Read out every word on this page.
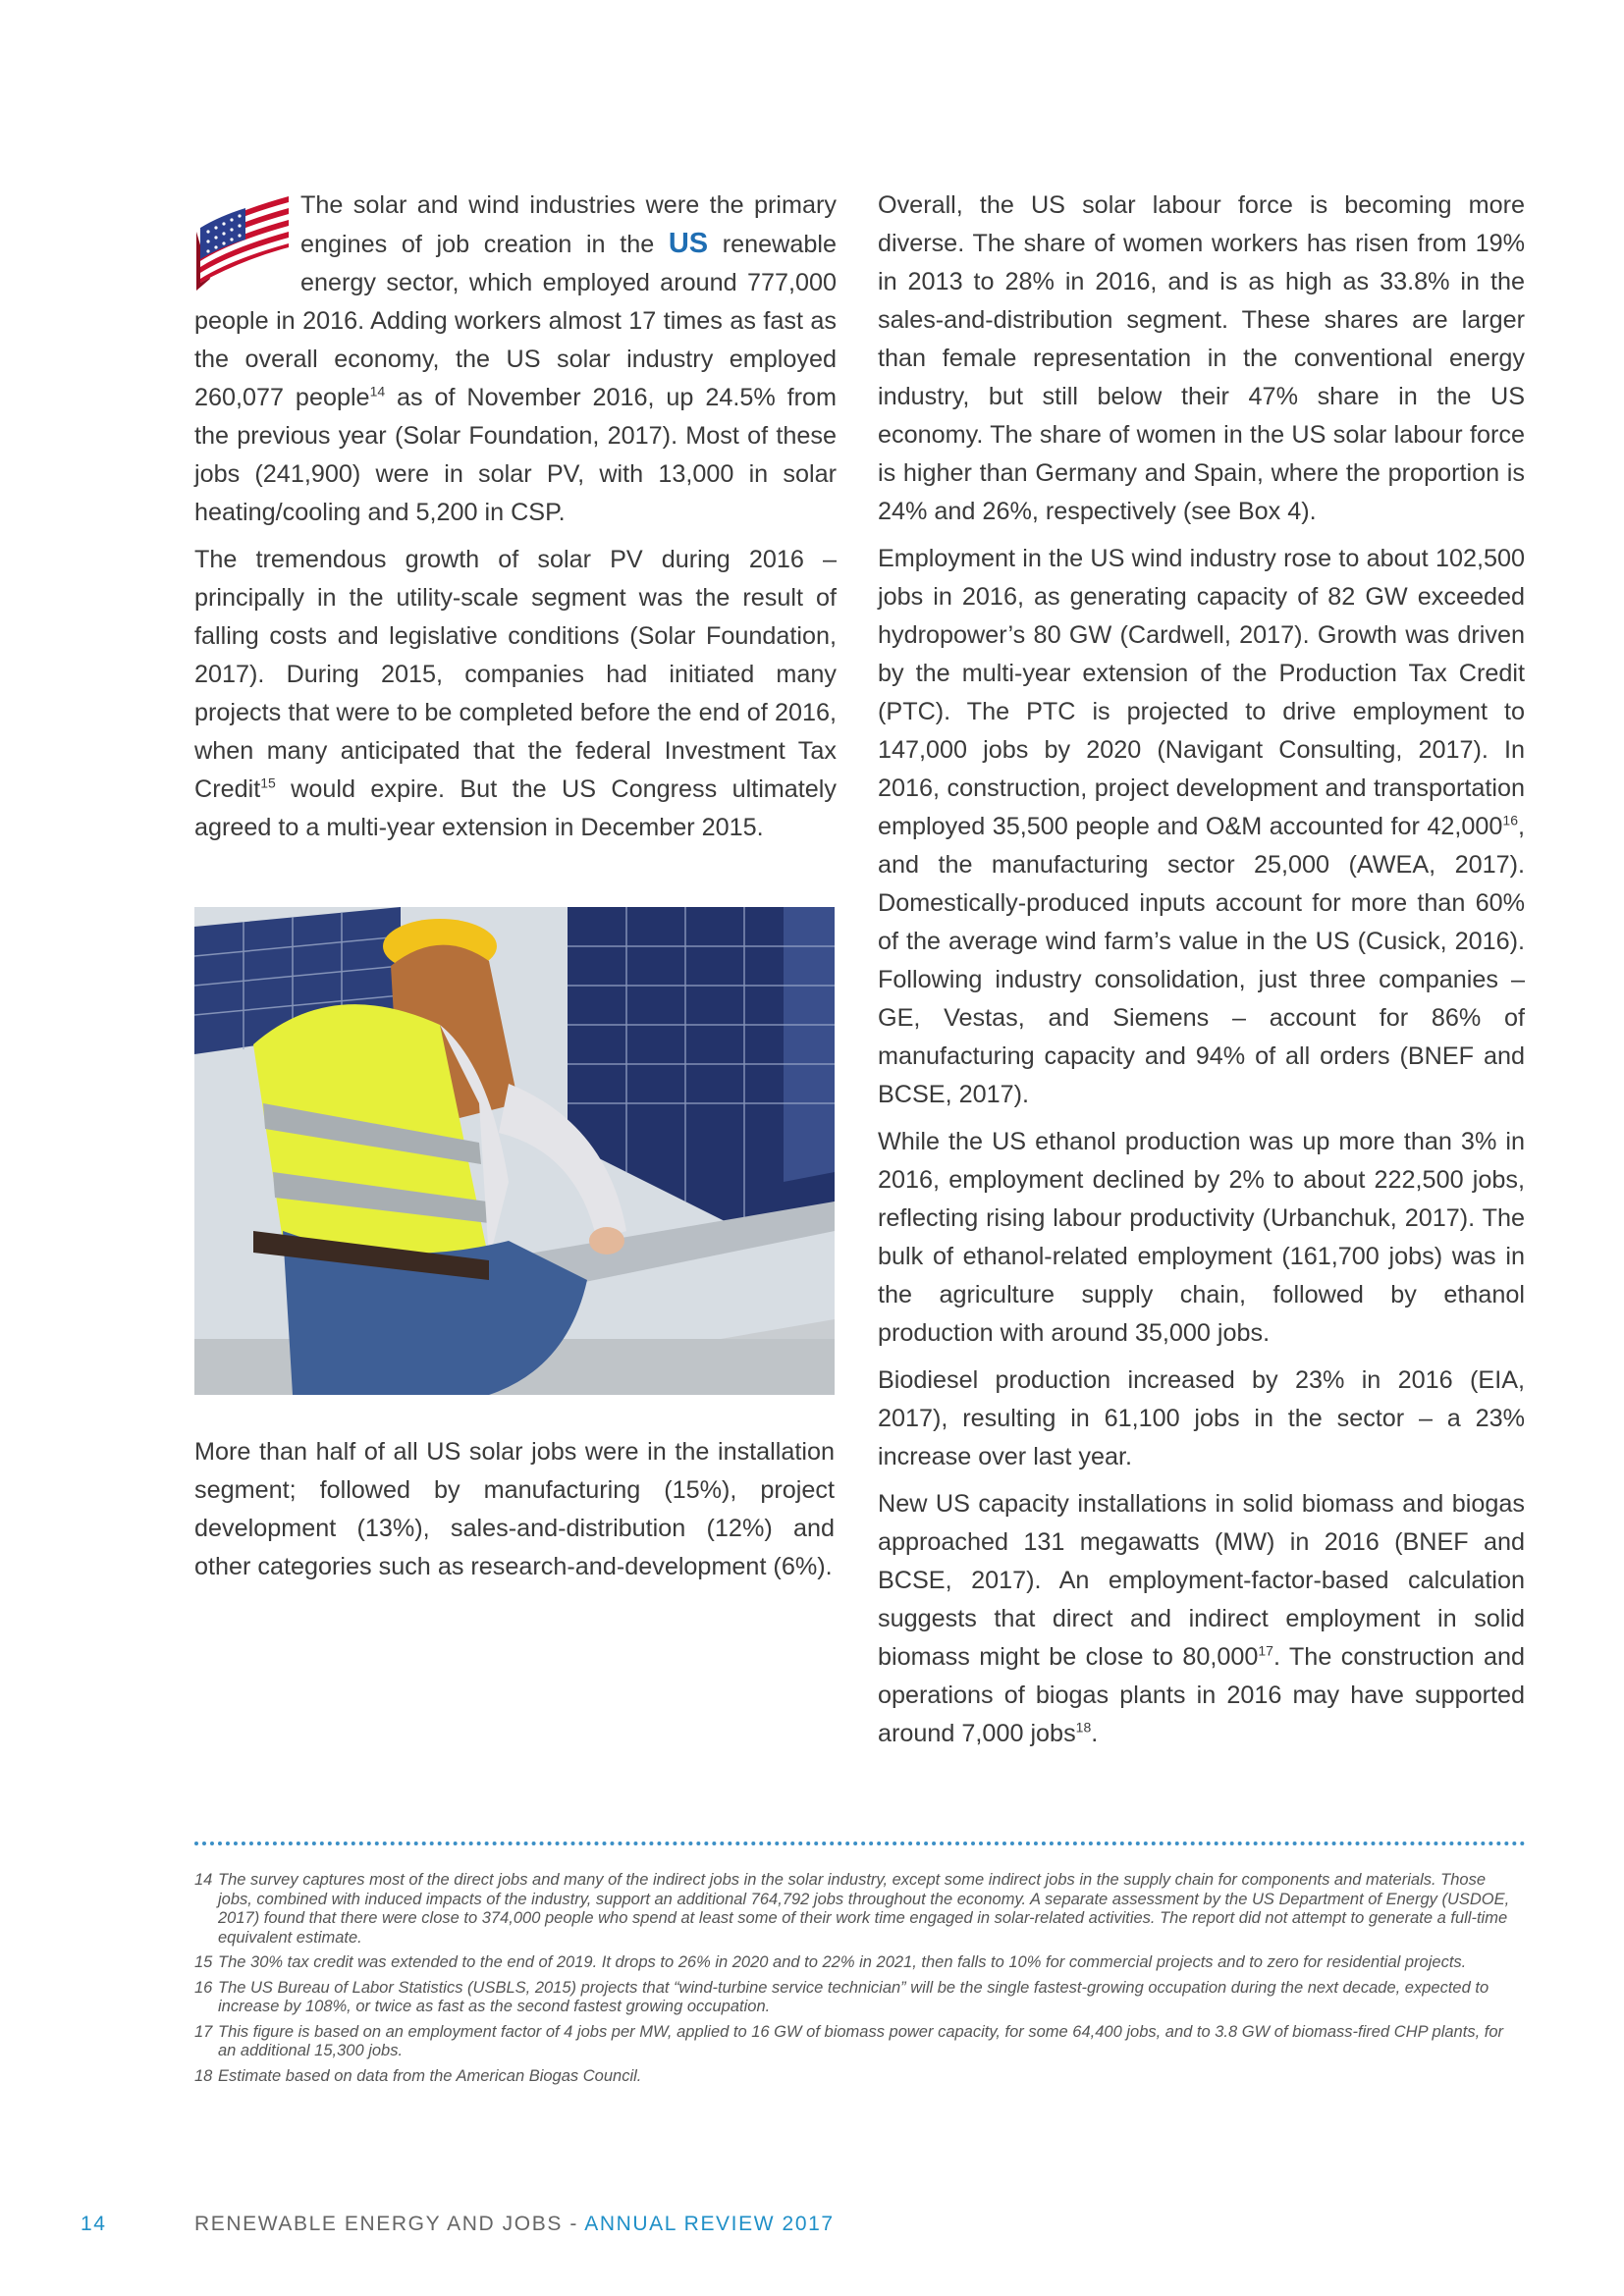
The solar and wind industries were the primary engines of job creation in the US renewable energy sector, which employed around 777,000 people in 2016. Adding workers almost 17 times as fast as the overall economy, the US solar industry employed 260,077 people$^{14}$ as of November 2016, up 24.5% from the previous year (Solar Foundation, 2017). Most of these jobs (241,900) were in solar PV, with 13,000 in solar heating/cooling and 5,200 in CSP.

The tremendous growth of solar PV during 2016 – principally in the utility-scale segment was the result of falling costs and legislative conditions (Solar Foundation, 2017). During 2015, companies had initiated many projects that were to be completed before the end of 2016, when many anticipated that the federal Investment Tax Credit$^{15}$ would expire. But the US Congress ultimately agreed to a multi-year extension in December 2015.

More than half of all US solar jobs were in the installation segment; followed by manufacturing (15%), project development (13%), sales-and-distribution (12%) and other categories such as research-and-development (6%).

Overall, the US solar labour force is becoming more diverse. The share of women workers has risen from 19% in 2013 to 28% in 2016, and is as high as 33.8% in the sales-and-distribution segment. These shares are larger than female representation in the conventional energy industry, but still below their 47% share in the US economy. The share of women in the US solar labour force is higher than Germany and Spain, where the proportion is 24% and 26%, respectively (see Box 4).

Employment in the US wind industry rose to about 102,500 jobs in 2016, as generating capacity of 82 GW exceeded hydropower’s 80 GW (Cardwell, 2017). Growth was driven by the multi-year extension of the Production Tax Credit (PTC). The PTC is projected to drive employment to 147,000 jobs by 2020 (Navigant Consulting, 2017). In 2016, construction, project development and transportation employed 35,500 people and O&M accounted for 42,000$^{16}$, and the manufacturing sector 25,000 (AWEA, 2017). Domestically-produced inputs account for more than 60% of the average wind farm’s value in the US (Cusick, 2016). Following industry consolidation, just three companies – GE, Vestas, and Siemens – account for 86% of manufacturing capacity and 94% of all orders (BNEF and BCSE, 2017).

While the US ethanol production was up more than 3% in 2016, employment declined by 2% to about 222,500 jobs, reflecting rising labour productivity (Urbanchuk, 2017). The bulk of ethanol-related employment (161,700 jobs) was in the agriculture supply chain, followed by ethanol production with around 35,000 jobs.

Biodiesel production increased by 23% in 2016 (EIA, 2017), resulting in 61,100 jobs in the sector – a 23% increase over last year.

New US capacity installations in solid biomass and biogas approached 131 megawatts (MW) in 2016 (BNEF and BCSE, 2017). An employment-factor-based calculation suggests that direct and indirect employment in solid biomass might be close to 80,000$^{17}$. The construction and operations of biogas plants in 2016 may have supported around 7,000 jobs$^{18}$.

14 The survey captures most of the direct jobs and many of the indirect jobs in the solar industry, except some indirect jobs in the supply chain for components and materials. Those jobs, combined with induced impacts of the industry, support an additional 764,792 jobs throughout the economy. A separate assessment by the US Department of Energy (USDOE, 2017) found that there were close to 374,000 people who spend at least some of their work time engaged in solar-related activities. The report did not attempt to generate a full-time equivalent estimate.

15 The 30% tax credit was extended to the end of 2019. It drops to 26% in 2020 and to 22% in 2021, then falls to 10% for commercial projects and to zero for residential projects.

16 The US Bureau of Labor Statistics (USBLS, 2015) projects that “wind-turbine service technician” will be the single fastest-growing occupation during the next decade, expected to increase by 108%, or twice as fast as the second fastest growing occupation.

17 This figure is based on an employment factor of 4 jobs per MW, applied to 16 GW of biomass power capacity, for some 64,400 jobs, and to 3.8 GW of biomass-fired CHP plants, for an additional 15,300 jobs.

18 Estimate based on data from the American Biogas Council.

14	RENEWABLE ENERGY AND JOBS - ANNUAL REVIEW 2017
